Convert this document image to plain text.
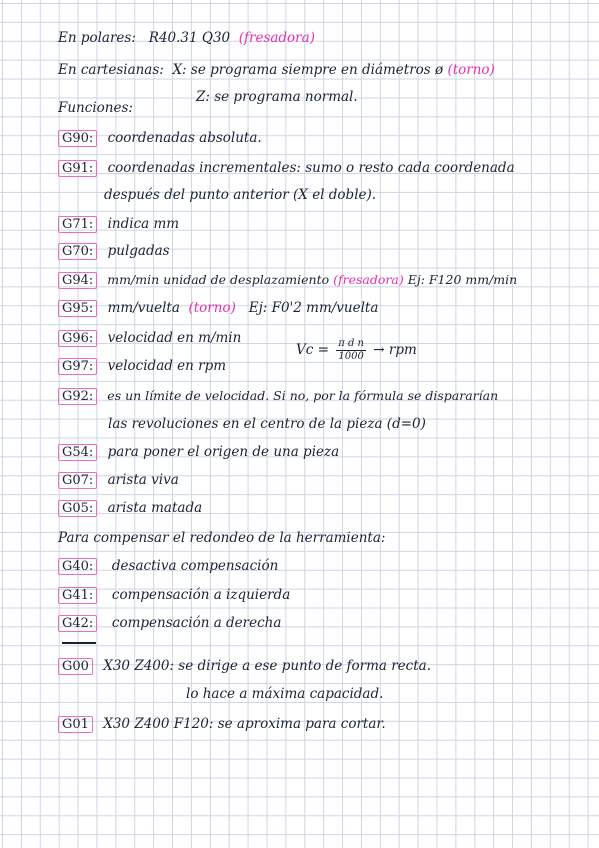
En polares: R40.31 Q30 (fresadora)
En cartesianas: X: se programa siempre en diámetros ø (torno)
Z: se programa normal.
Funciones:
G90: coordenadas absoluta.
G91: coordenadas incrementales: sumo o resto cada coordenada
después del punto anterior (X el doble).
G71: indica mm
G70: pulgadas
G94: mm/min unidad de desplazamiento (fresadora) Ej: F120 mm/min
G95: mm/vuelta (torno) Ej: F0'2 mm/vuelta
G96: velocidad en m/min
G97: velocidad en rpm
$Vc = \frac{\text{π d n}}{1000}$ → rpm
G92: es un límite de velocidad. Si no, por la fórmula se dispararían
las revoluciones en el centro de la pieza (d=0)
G54: para poner el origen de una pieza
G07: arista viva
G05: arista matada
Para compensar el redondeo de la herramienta:
G40: desactiva compensación
G41: compensación a izquierda
G42: compensación a derecha
G00 X30 Z400: se dirige a ese punto de forma recta.
lo hace a máxima capacidad.
G01 X30 Z400 F120: se aproxima para cortar.
